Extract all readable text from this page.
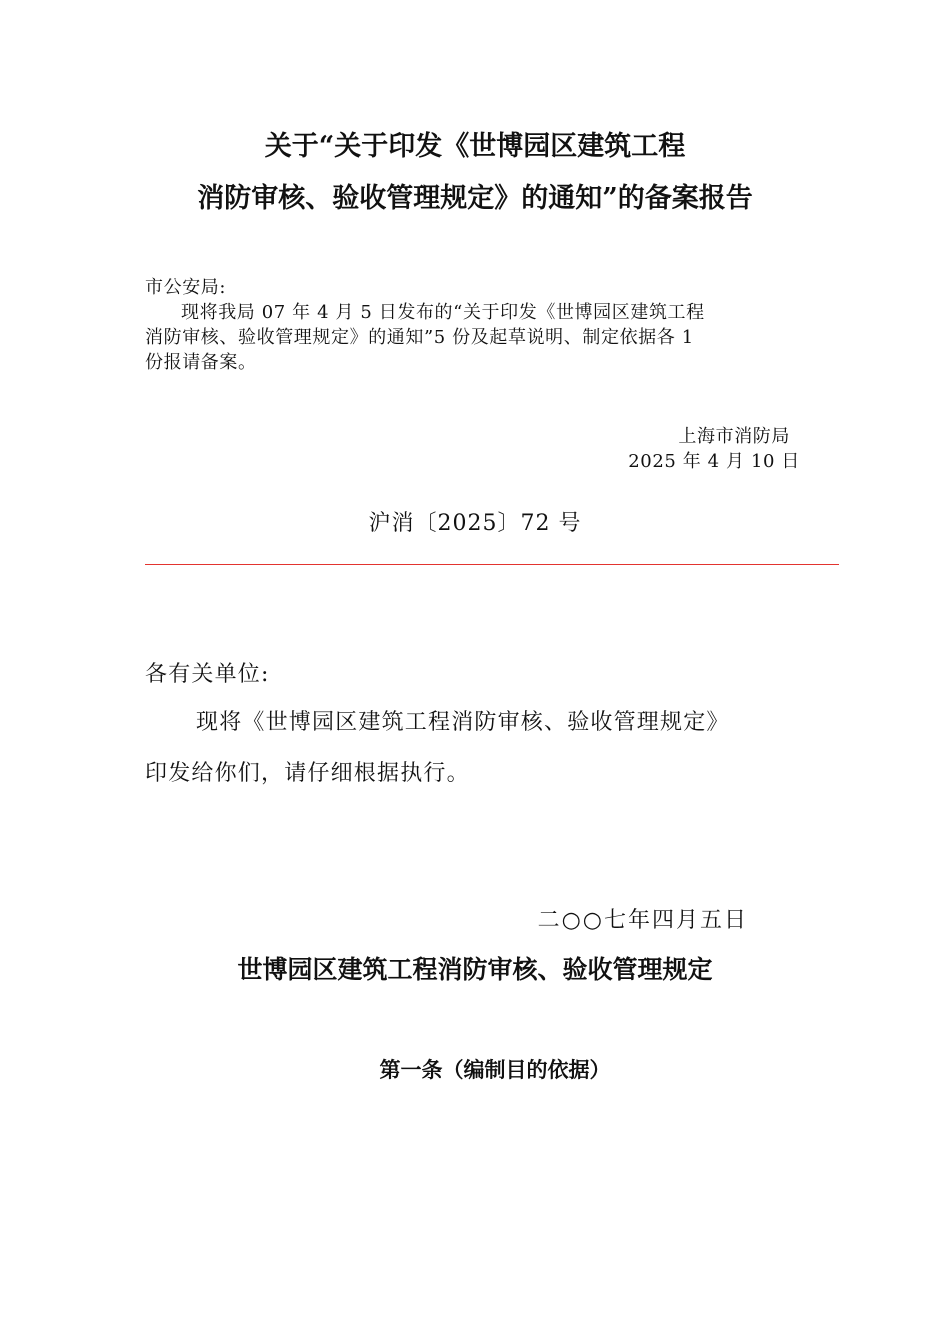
关于“关于印发《世博园区建筑工程
消防审核、验收管理规定》的通知”的备案报告
市公安局:
现将我局 07 年 4 月 5 日发布的“关于印发《世博园区建筑工程
消防审核、验收管理规定》的通知”5 份及起草说明、制定依据各 1
份报请备案。
上海市消防局
2025 年 4 月 10 日
沪消〔2025〕72 号
各有关单位:
现将《世博园区建筑工程消防审核、验收管理规定》
印发给你们，请仔细根据执行。
二○○七年四月五日
世博园区建筑工程消防审核、验收管理规定
第一条（编制目的依据）
